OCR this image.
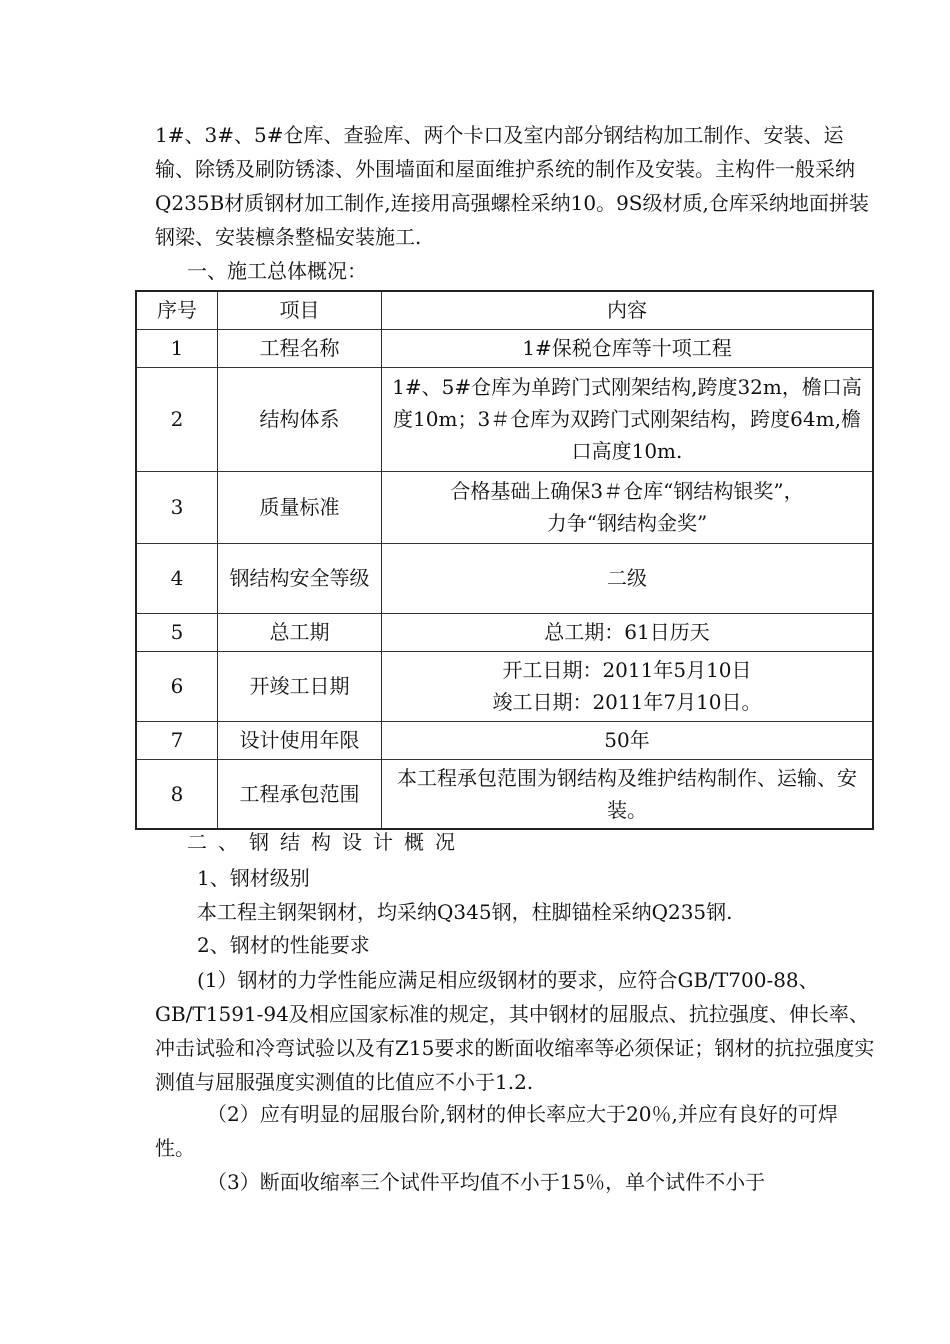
1#、3#、5#仓库、查验库、两个卡口及室内部分钢结构加工制作、安装、运输、除锈及刷防锈漆、外围墙面和屋面维护系统的制作及安装。主构件一般采纳Q235B材质钢材加工制作,连接用高强螺栓采纳10。9S级材质,仓库采纳地面拼装钢梁、安装檩条整榀安装施工.

一、施工总体概况：

序号	项目	内容
1	工程名称	1#保税仓库等十项工程
2	结构体系	1#、5#仓库为单跨门式刚架结构,跨度32m，檐口高度10m；3＃仓库为双跨门式刚架结构，跨度64m,檐口高度10m.
3	质量标准	合格基础上确保3＃仓库“钢结构银奖”，
力争“钢结构金奖”

4	钢结构安全等级	二级
5	总工期	总工期：61日历天
6	开竣工日期	开工日期：2011年5月10日
竣工日期：2011年7月10日。

7	设计使用年限	50年
8	工程承包范围	本工程承包范围为钢结构及维护结构制作、运输、安装。

二、钢结构设计概况

1、钢材级别

本工程主钢架钢材，均采纳Q345钢，柱脚锚栓采纳Q235钢.

2、钢材的性能要求

(1）钢材的力学性能应满足相应级钢材的要求，应符合GB/T700-88、GB/T1591-94及相应国家标准的规定，其中钢材的屈服点、抗拉强度、伸长率、冲击试验和冷弯试验以及有Z15要求的断面收缩率等必须保证；钢材的抗拉强度实测值与屈服强度实测值的比值应不小于1.2.

（2）应有明显的屈服台阶,钢材的伸长率应大于20％,并应有良好的可焊性。

（3）断面收缩率三个试件平均值不小于15％，单个试件不小于
